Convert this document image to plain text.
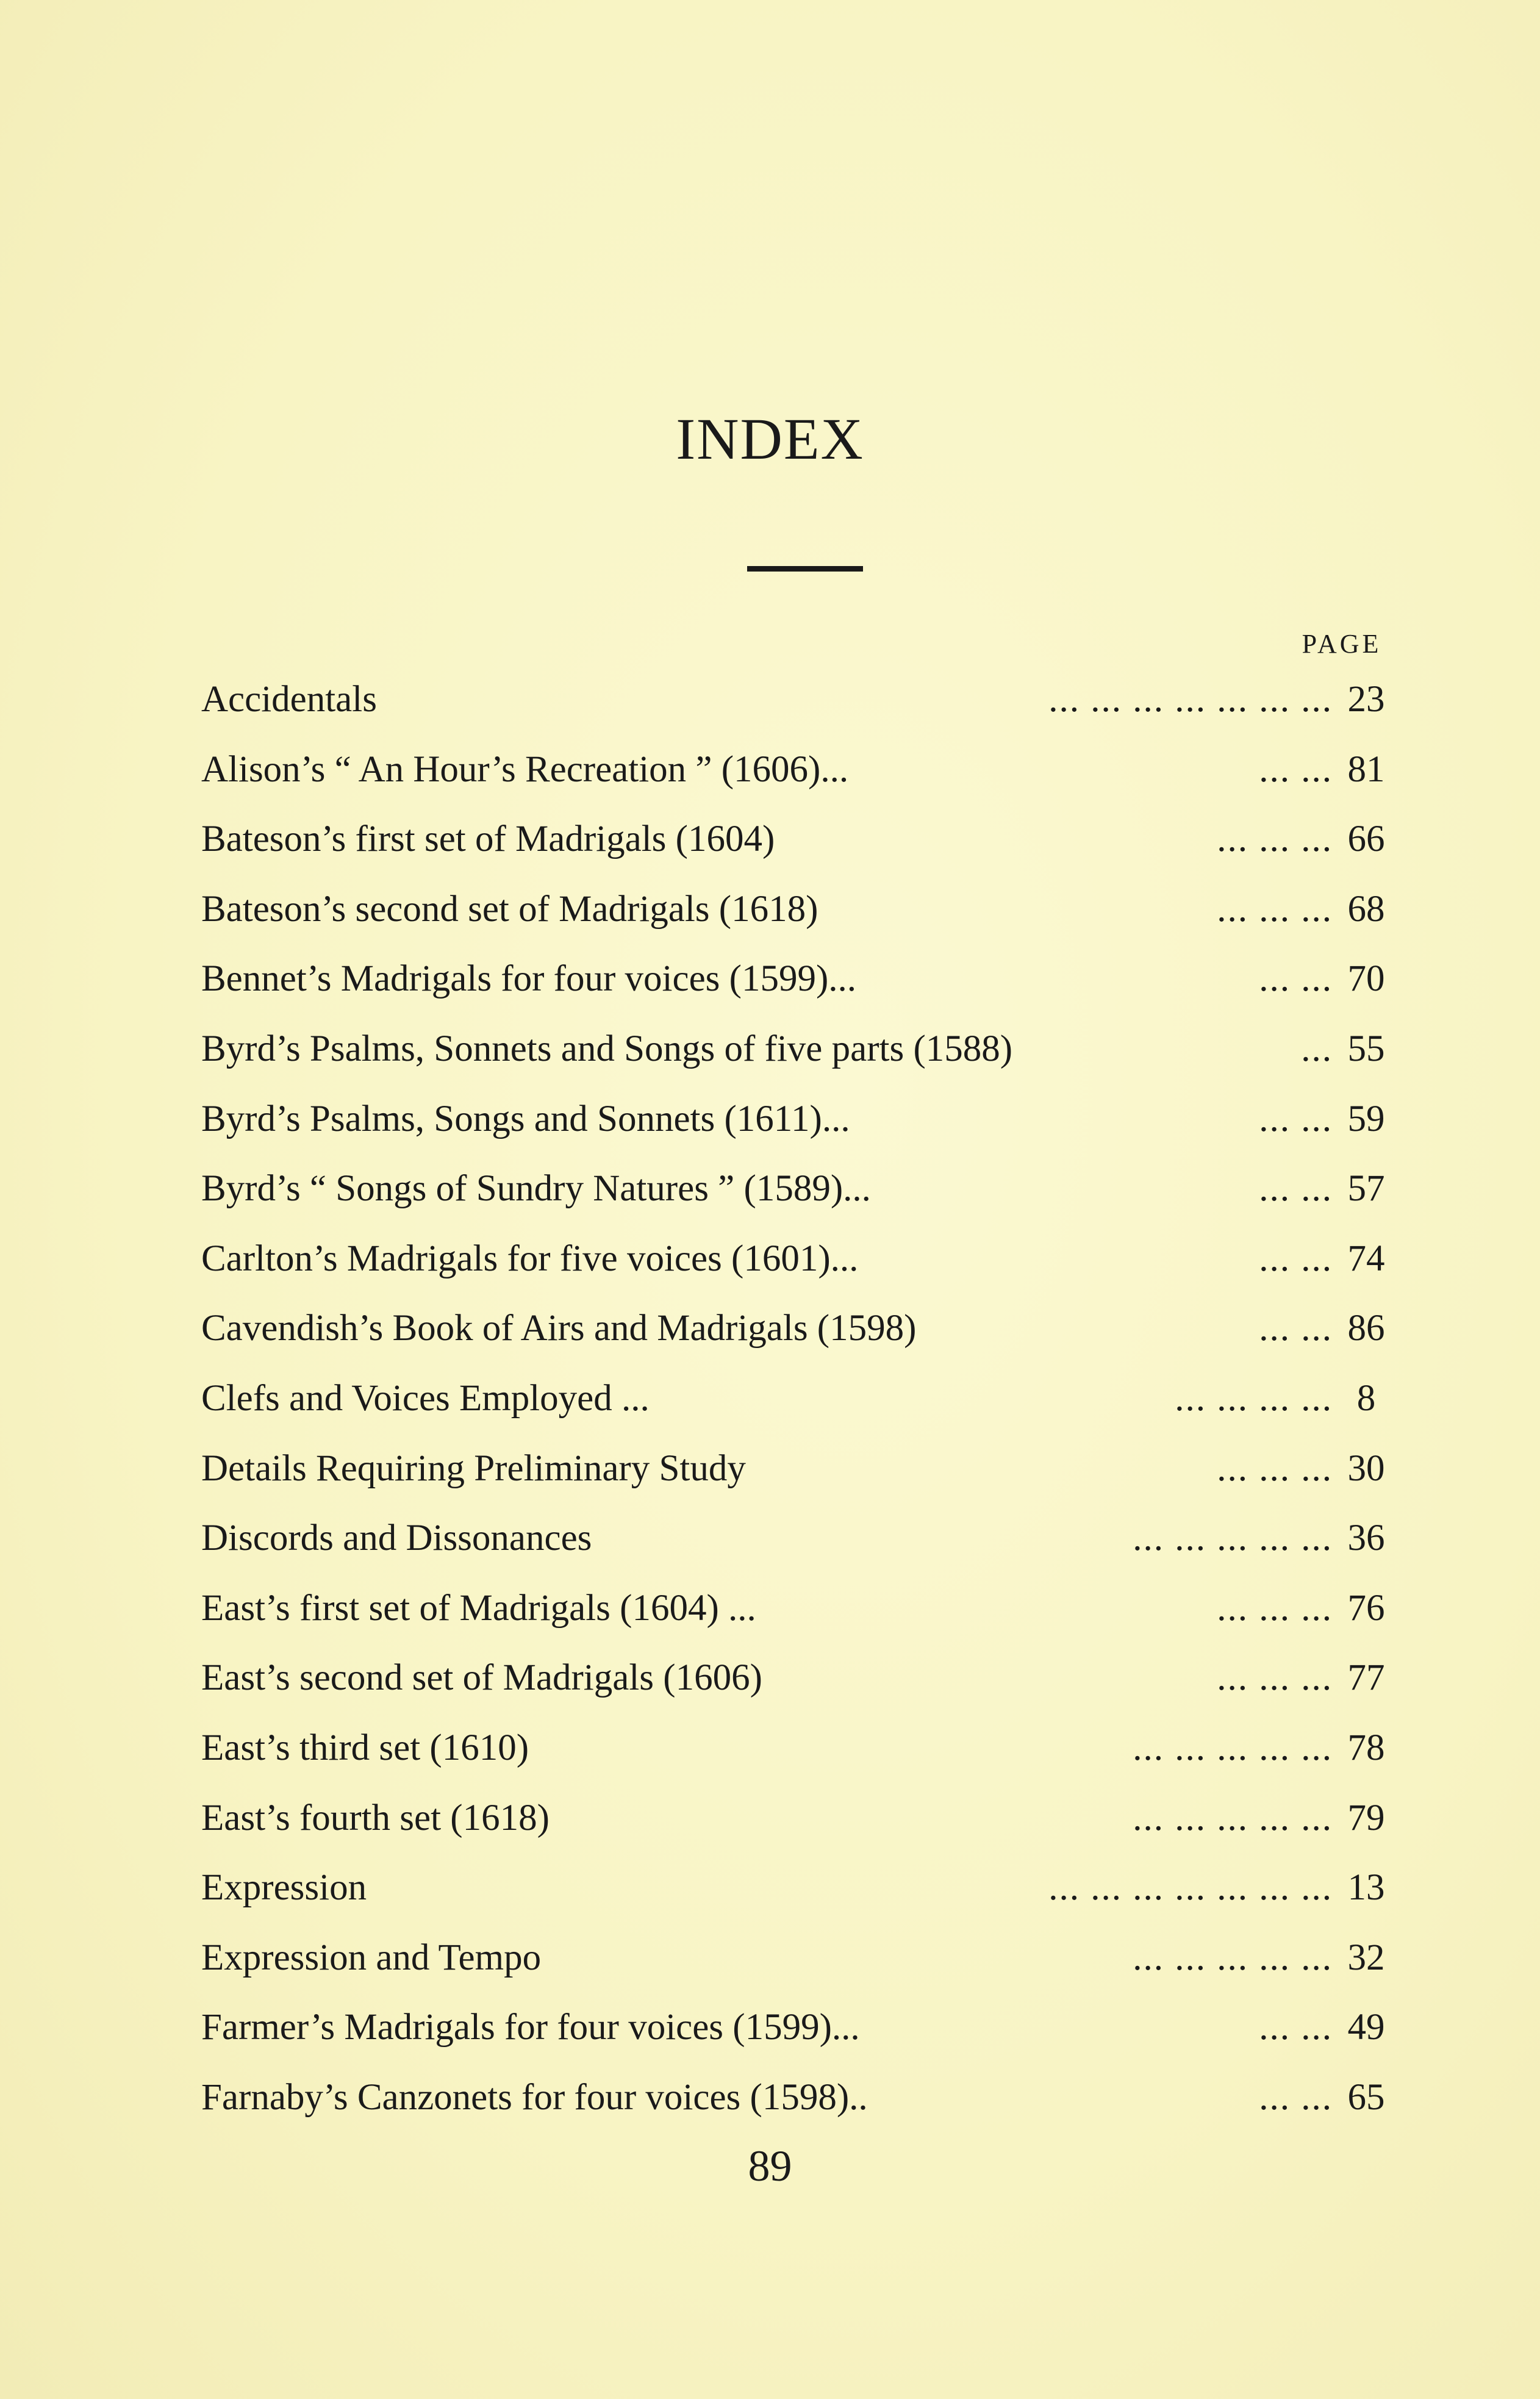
INDEX
PAGE
Accidentals	... ... ... ... ... ... ... 23
Alison’s “ An Hour’s Recreation ” (1606)...	... ... 81
Bateson’s first set of Madrigals (1604)	... ... ... 66
Bateson’s second set of Madrigals (1618)	... ... ... 68
Bennet’s Madrigals for four voices (1599)...	... ... 70
Byrd’s Psalms, Sonnets and Songs of five parts (1588)	... 55
Byrd’s Psalms, Songs and Sonnets (1611)...	... ... 59
Byrd’s “ Songs of Sundry Natures ” (1589)...	... ... 57
Carlton’s Madrigals for five voices (1601)...	... ... 74
Cavendish’s Book of Airs and Madrigals (1598)	... ... 86
Clefs and Voices Employed ...	... ... ... ... 8
Details Requiring Preliminary Study	... ... ... 30
Discords and Dissonances	... ... ... ... ... 36
East’s first set of Madrigals (1604) ...	... ... ... 76
East’s second set of Madrigals (1606)	... ... ... 77
East’s third set (1610)	... ... ... ... ... 78
East’s fourth set (1618)	... ... ... ... ... 79
Expression	... ... ... ... ... ... ... 13
Expression and Tempo	... ... ... ... ... 32
Farmer’s Madrigals for four voices (1599)...	... ... 49
Farnaby’s Canzonets for four voices (1598)..	... ... 65
89
